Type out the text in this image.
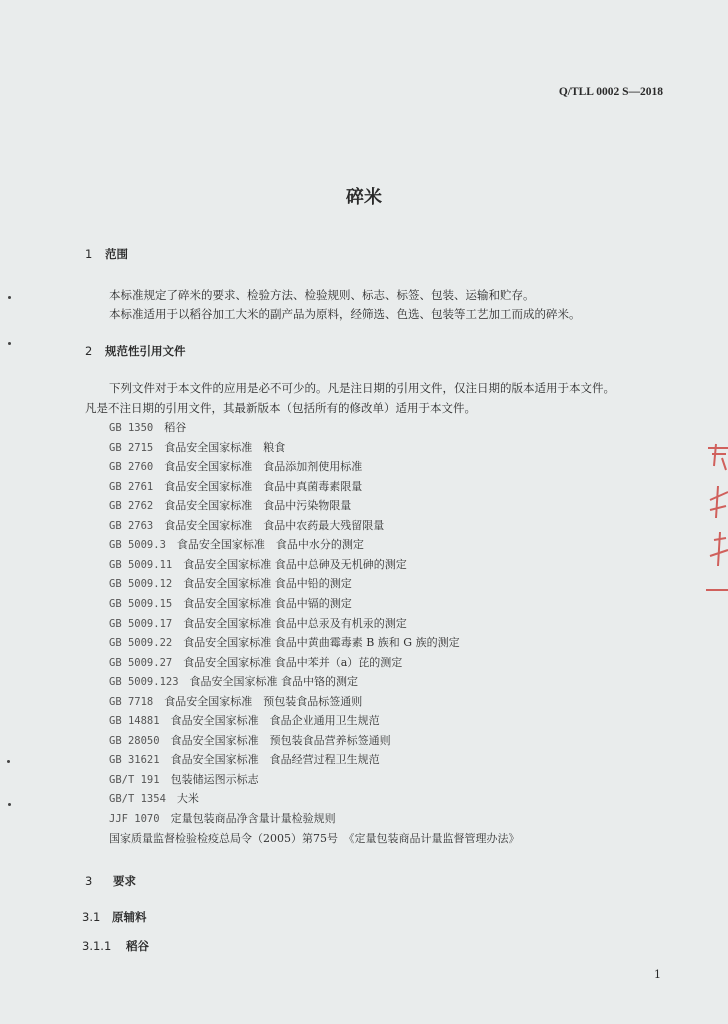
Q/TLL 0002 S—2018
碎米
1 范围
本标准规定了碎米的要求、检验方法、检验规则、标志、标签、包装、运输和贮存。
本标准适用于以稻谷加工大米的副产品为原料，经筛选、色选、包装等工艺加工而成的碎米。
2 规范性引用文件
下列文件对于本文件的应用是必不可少的。凡是注日期的引用文件，仅注日期的版本适用于本文件。
凡是不注日期的引用文件，其最新版本（包括所有的修改单）适用于本文件。
GB 1350  稻谷
GB 2715  食品安全国家标准　粮食
GB 2760  食品安全国家标准　食品添加剂使用标准
GB 2761  食品安全国家标准　食品中真菌毒素限量
GB 2762  食品安全国家标准　食品中污染物限量
GB 2763  食品安全国家标准　食品中农药最大残留限量
GB 5009.3  食品安全国家标准　食品中水分的测定
GB 5009.11  食品安全国家标准 食品中总砷及无机砷的测定
GB 5009.12  食品安全国家标准 食品中铅的测定
GB 5009.15  食品安全国家标准 食品中镉的测定
GB 5009.17  食品安全国家标准 食品中总汞及有机汞的测定
GB 5009.22  食品安全国家标准 食品中黄曲霉毒素 B 族和 G 族的测定
GB 5009.27  食品安全国家标准 食品中苯并（a）芘的测定
GB 5009.123  食品安全国家标准 食品中铬的测定
GB 7718  食品安全国家标准　预包装食品标签通则
GB 14881  食品安全国家标准　食品企业通用卫生规范
GB 28050  食品安全国家标准　预包装食品营养标签通则
GB 31621  食品安全国家标准　食品经营过程卫生规范
GB/T 191  包装储运图示标志
GB/T 1354  大米
JJF 1070  定量包装商品净含量计量检验规则
国家质量监督检验检疫总局令（2005）第75号　《定量包装商品计量监督管理办法》
3 要求
3.1 原辅料
3.1.1 稻谷
1
